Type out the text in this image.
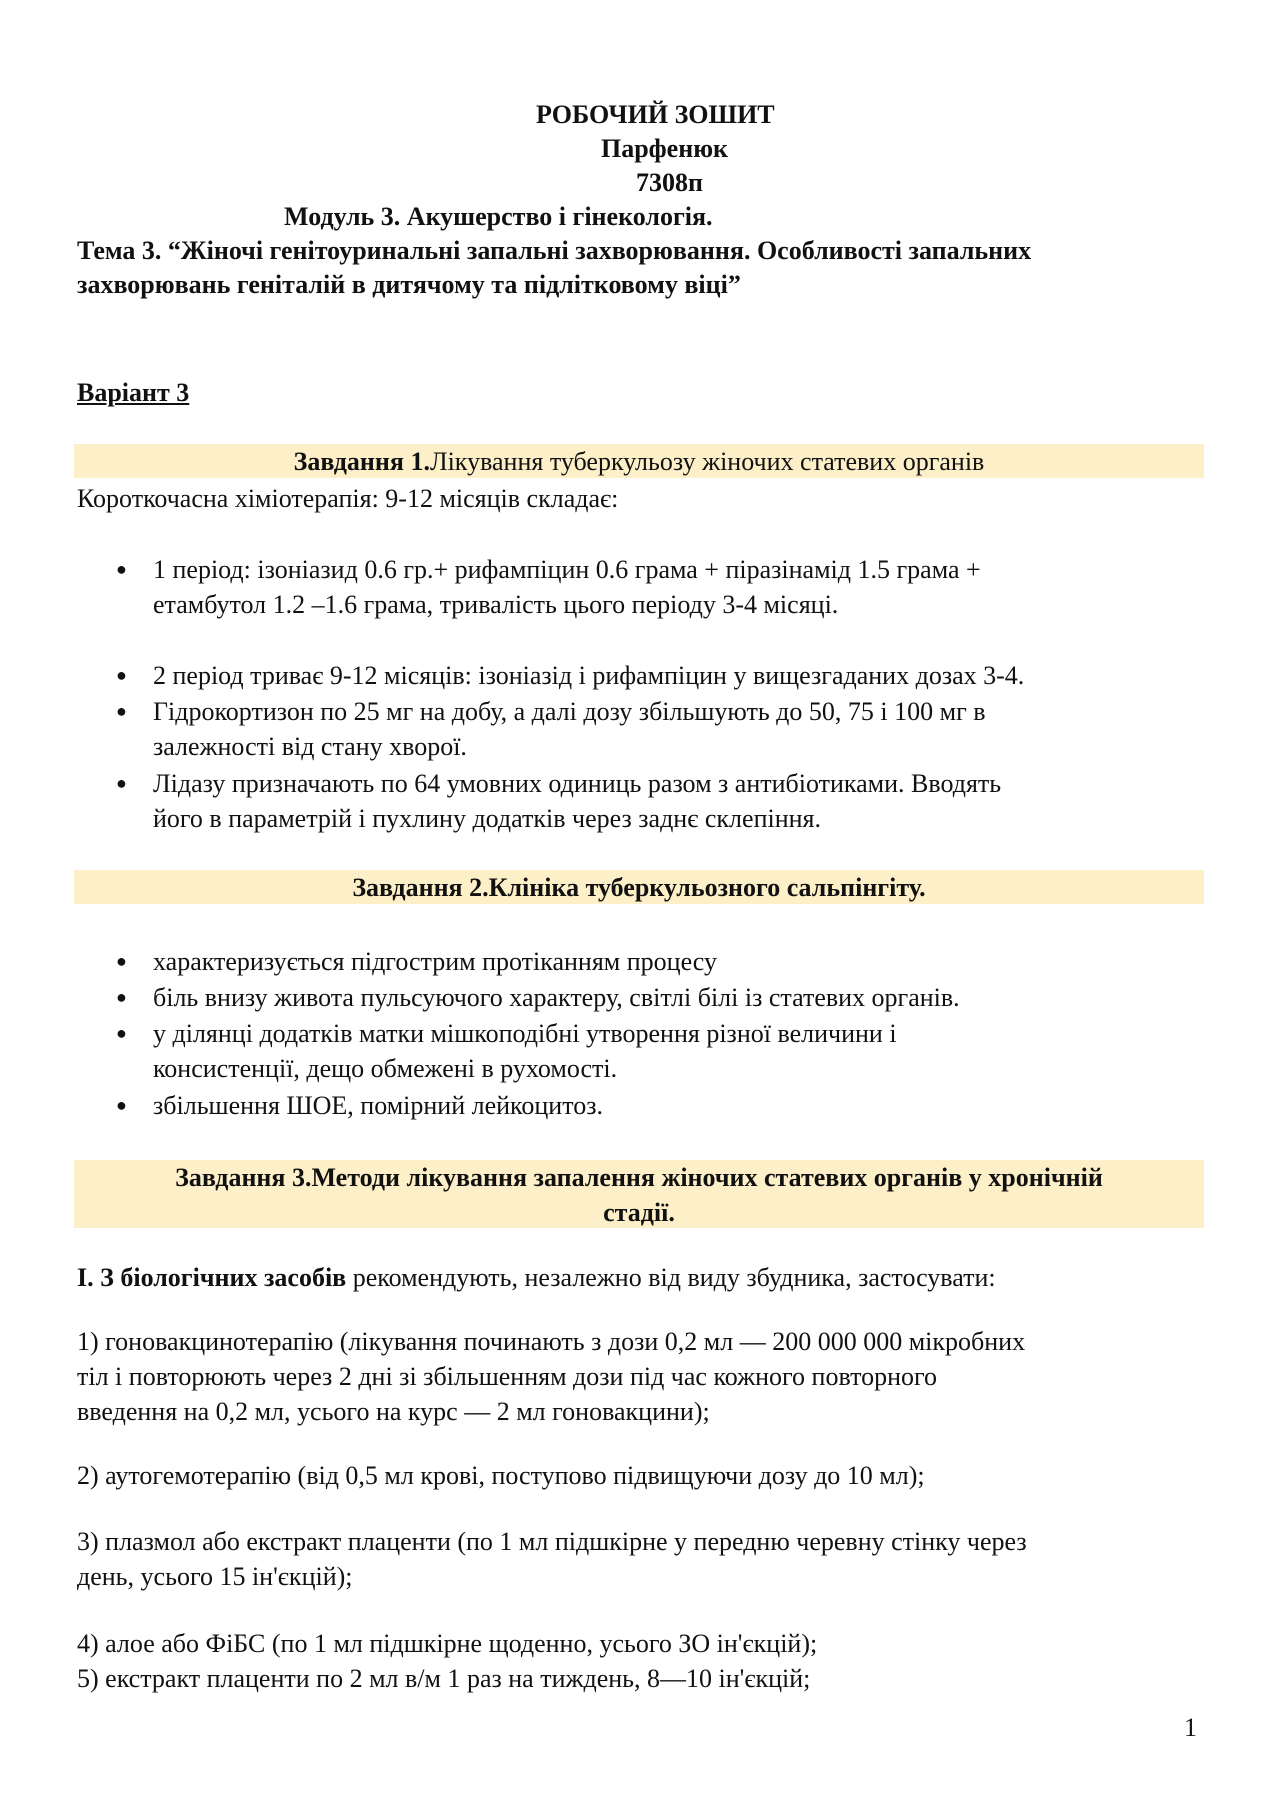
РОБОЧИЙ ЗОШИТ
Парфенюк
7308п
Модуль 3. Акушерство і гінекологія.
Тема 3. “Жіночі генітоуринальні запальні захворювання. Особливості запальних
захворювань геніталій в дитячому та підлітковому віці”
Варіант 3
Завдання 1.Лікування туберкульозу жіночих статевих органів
Короткочасна хіміотерапія: 9-12 місяців складає:
● 1 період: ізоніазид 0.6 гр.+ рифампіцин 0.6 грама + піразінамід 1.5 грама +
етамбутол 1.2 –1.6 грама, тривалість цього періоду 3-4 місяці.
● 2 період триває 9-12 місяців: ізоніазід і рифампіцин у вищезгаданих дозах 3-4.
● Гідрокортизон по 25 мг на добу, а далі дозу збільшують до 50, 75 і 100 мг в
залежності від стану хворої.
● Лідазу призначають по 64 умовних одиниць разом з антибіотиками. Вводять
його в параметрій і пухлину додатків через заднє склепіння.
Завдання 2.Клініка туберкульозного сальпінгіту.
● характеризується підгострим протіканням процесу
● біль внизу живота пульсуючого характеру, світлі білі із статевих органів.
● у ділянці додатків матки мішкоподібні утворення різної величини і
консистенції, дещо обмежені в рухомості.
● збільшення ШОЕ, помірний лейкоцитоз.
Завдання 3.Методи лікування запалення жіночих статевих органів у хронічній
стадії.
І. З біологічних засобів рекомендують, незалежно від виду збудника, застосувати:
1) гоновакцинотерапію (лікування починають з дози 0,2 мл — 200 000 000 мікробних
тіл і повторюють через 2 дні зі збільшенням дози під час кожного повторного
введення на 0,2 мл, усього на курс — 2 мл гоновакцини);
2) аутогемотерапію (від 0,5 мл крові, поступово підвищуючи дозу до 10 мл);
3) плазмол або екстракт плаценти (по 1 мл підшкірне у передню черевну стінку через
день, усього 15 ін'єкцій);
4) алое або ФіБС (по 1 мл підшкірне щоденно, усього ЗО ін'єкцій);
5) екстракт плаценти по 2 мл в/м 1 раз на тиждень, 8—10 ін'єкцій;
1
